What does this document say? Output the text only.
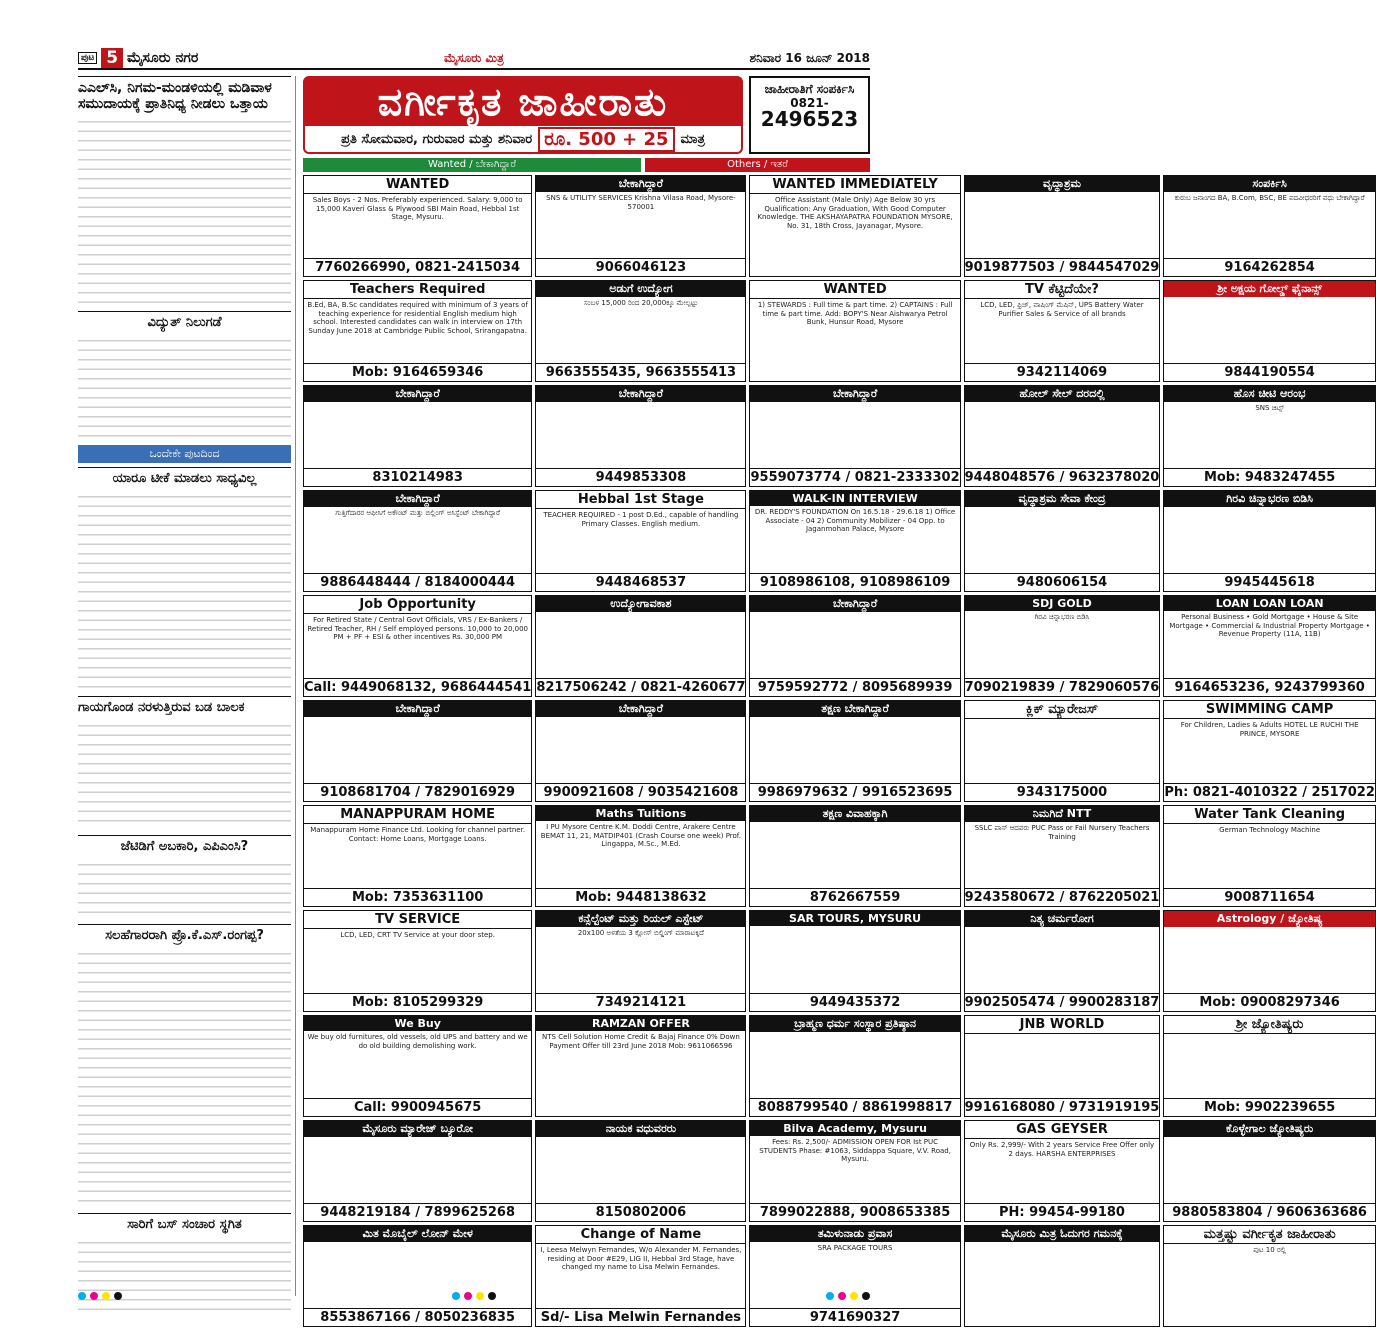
ಪುಟ 5 ಮೈಸೂರು ನಗರ	ಮೈಸೂರು ಮಿತ್ರ	ಶನಿವಾರ 16 ಜೂನ್ 2018
ಎಎಲ್‌ಸಿ, ನಿಗಮ-ಮಂಡಳಿಯಲ್ಲಿ ಮಡಿವಾಳ ಸಮುದಾಯಕ್ಕೆ ಪ್ರಾತಿನಿಧ್ಯ ನೀಡಲು ಒತ್ತಾಯ
ವಿದ್ಯುತ್ ನಿಲುಗಡೆ
ಒಂದೇಕೇ ಪುಟದಿಂದ
ಯಾರೂ ಟೀಕೆ ಮಾಡಲು ಸಾಧ್ಯವಿಲ್ಲ
ಗಾಯಗೊಂಡ ನರಳುತ್ತಿರುವ ಬಡ ಬಾಲಕ
ಜೆಟಿಡಿಗೆ ಅಬಕಾರಿ, ಎಪಿಎಂಸಿ?
ಸಲಹೆಗಾರರಾಗಿ ಪ್ರೊ.ಕೆ.ಎಸ್.ರಂಗಪ್ಪ?
ಸಾರಿಗೆ ಬಸ್ ಸಂಚಾರ ಸ್ಥಗಿತ
ವರ್ಗೀಕೃತ ಜಾಹೀರಾತು
ಪ್ರತಿ ಸೋಮವಾರ, ಗುರುವಾರ ಮತ್ತು ಶನಿವಾರ ರೂ. 500 + 25 ಮಾತ್ರ
ಜಾಹೀರಾತಿಗೆ ಸಂಪರ್ಕಿಸಿ
0821-
2496523
Wanted / ಬೇಕಾಗಿದ್ದಾರೆ	Others / ಇತರೆ
WANTED
Sales Boys - 2 Nos. Preferably experienced. Salary: 9,000 to 15,000 Kaveri Glass & Plywood SBI Main Road, Hebbal 1st Stage, Mysuru.
7760266990, 0821-2415034
ಬೇಕಾಗಿದ್ದಾರೆ
SNS & UTILITY SERVICES Krishna Vilasa Road, Mysore-570001
9066046123
WANTED IMMEDIATELY
Office Assistant (Male Only) Age Below 30 yrs Qualification: Any Graduation, With Good Computer Knowledge. THE AKSHAYAPATRA FOUNDATION MYSORE, No. 31, 18th Cross, Jayanagar, Mysore.
ವೃದ್ಧಾಶ್ರಮ
9019877503 / 9844547029
ಸಂಪರ್ಕಿಸಿ
ಕುರುಬ ಜನಾಂಗದ BA, B.Com, BSC, BE ಪದವೀಧರರಿಗೆ ವಧು ಬೇಕಾಗಿದ್ದಾರೆ
9164262854
Teachers Required
B.Ed, BA, B.Sc candidates required with minimum of 3 years of teaching experience for residential English medium high school. Interested candidates can walk in interview on 17th Sunday June 2018 at Cambridge Public School, Srirangapatna.
Mob: 9164659346
ಅಡುಗೆ ಉದ್ಯೋಗ
ಸಂಬಳ 15,000 ರಿಂದ 20,000ಕ್ಕೂ ಮೇಲ್ಪಟ್ಟು
9663555435, 9663555413
WANTED
1) STEWARDS : Full time & part time. 2) CAPTAINS : Full time & part time. Add: BOPY'S Near Aishwarya Petrol Bunk, Hunsur Road, Mysore
TV ಕೆಟ್ಟಿದೆಯೇ?
LCD, LED, ಫ್ರಿಜ್, ವಾಷಿಂಗ್ ಮೆಷಿನ್, UPS Battery Water Purifier Sales & Service of all brands
9342114069
ಶ್ರೀ ಅಕ್ಷಯ ಗೋಲ್ಡ್ ಫೈನಾನ್ಸ್
9844190554
ಬೇಕಾಗಿದ್ದಾರೆ
8310214983
ಬೇಕಾಗಿದ್ದಾರೆ
9449853308
ಬೇಕಾಗಿದ್ದಾರೆ
9559073774 / 0821-2333302
ಹೋಲ್ ಸೇಲ್ ದರದಲ್ಲಿ
9448048576 / 9632378020
ಹೊಸ ಚೀಟಿ ಆರಂಭ
SNS ಚಿಟ್ಸ್
Mob: 9483247455
ಬೇಕಾಗಿದ್ದಾರೆ
ಗುತ್ತಿಗೆದಾರರ ಆಫೀಸಿಗೆ ಅಕೌಂಟ್ ಮತ್ತು ಬಿಲ್ಲಿಂಗ್ ಅಸಿಸ್ಟೆಂಟ್ ಬೇಕಾಗಿದ್ದಾರೆ
9886448444 / 8184000444
Hebbal 1st Stage
TEACHER REQUIRED - 1 post D.Ed., capable of handling Primary Classes. English medium.
9448468537
WALK-IN INTERVIEW
DR. REDDY'S FOUNDATION On 16.5.18 - 29.6.18 1) Office Associate - 04 2) Community Mobilizer - 04 Opp. to Jaganmohan Palace, Mysore
9108986108, 9108986109
ವೃದ್ಧಾಶ್ರಮ ಸೇವಾ ಕೇಂದ್ರ
9480606154
ಗಿರವಿ ಚಿನ್ನಾಭರಣ ಬಿಡಿಸಿ
9945445618
Job Opportunity
For Retired State / Central Govt Officials, VRS / Ex-Bankers / Retired Teacher, RH / Self employed persons. 10,000 to 20,000 PM + PF + ESI & other incentives Rs. 30,000 PM
Call: 9449068132, 9686444541
ಉದ್ಯೋಗಾವಕಾಶ
8217506242 / 0821-4260677
ಬೇಕಾಗಿದ್ದಾರೆ
9759592772 / 8095689939
SDJ GOLD
ಗಿರವಿ ಚಿನ್ನಾಭರಣ ಬಿಡಿಸಿ
7090219839 / 7829060576
LOAN LOAN LOAN
Personal Business • Gold Mortgage • House & Site Mortgage • Commercial & Industrial Property Mortgage • Revenue Property (11A, 11B)
9164653236, 9243799360
ಬೇಕಾಗಿದ್ದಾರೆ
9108681704 / 7829016929
ಬೇಕಾಗಿದ್ದಾರೆ
9900921608 / 9035421608
ತಕ್ಷಣ ಬೇಕಾಗಿದ್ದಾರೆ
9986979632 / 9916523695
ಕ್ಲಿಕ್ ಮ್ಯಾರೇಜಸ್
9343175000
SWIMMING CAMP
For Children, Ladies & Adults HOTEL LE RUCHI THE PRINCE, MYSORE
Ph: 0821-4010322 / 2517022
MANAPPURAM HOME
Manappuram Home Finance Ltd. Looking for channel partner. Contact: Home Loans, Mortgage Loans.
Mob: 7353631100
Maths Tuitions
I PU Mysore Centre K.M. Doddi Centre, Arakere Centre BEMAT 11, 21, MATDIP401 (Crash Course one week) Prof. Lingappa, M.Sc., M.Ed.
Mob: 9448138632
ತಕ್ಷಣ ವಿವಾಹಕ್ಕಾಗಿ
8762667559
ನಿಮಗಿದೆ NTT
SSLC ಪಾಸ್ ಆದವರು PUC Pass or Fail Nursery Teachers Training
9243580672 / 8762205021
Water Tank Cleaning
German Technology Machine
9008711654
TV SERVICE
LCD, LED, CRT TV Service at your door step.
Mob: 8105299329
ಕನ್ಸೆಲ್ಟೆಂಟ್ ಮತ್ತು ರಿಯಲ್ ಎಸ್ಟೇಟ್
20x100 ಅಳತೆಯ 3 ಕ್ಲೋಸ್ ಬಿಲ್ಡಿಂಗ್ ಮಾರಾಟಕ್ಕಿದೆ
7349214121
SAR TOURS, MYSURU
9449435372
ನಿತ್ಯ ಚರ್ಮರೋಗ
9902505474 / 9900283187
Astrology / ಜ್ಯೋತಿಷ್ಯ
Mob: 09008297346
We Buy
We buy old furnitures, old vessels, old UPS and battery and we do old building demolishing work.
Call: 9900945675
RAMZAN OFFER
NTS Cell Solution Home Credit & Bajaj Finance 0% Down Payment Offer till 23rd June 2018 Mob: 9611066596
ಬ್ರಾಹ್ಮಣ ಧರ್ಮ ಸಂಸ್ಥಾರ ಪ್ರತಿಷ್ಠಾನ
8088799540 / 8861998817
JNB WORLD
9916168080 / 9731919195
ಶ್ರೀ ಜ್ಯೋತಿಷ್ಯರು
Mob: 9902239655
ಮೈಸೂರು ಮ್ಯಾರೇಜ್ ಬ್ಯೂರೋ
9448219184 / 7899625268
ನಾಯಕ ವಧುವರರು
8150802006
Bilva Academy, Mysuru
Fees: Rs. 2,500/- ADMISSION OPEN FOR Ist PUC STUDENTS Phase: #1063, Siddappa Square, V.V. Road, Mysuru.
7899022888, 9008653385
GAS GEYSER
Only Rs. 2,999/- With 2 years Service Free Offer only 2 days. HARSHA ENTERPRISES
PH: 99454-99180
ಕೊಳ್ಳೇಗಾಲ ಜ್ಯೋತಿಷ್ಯರು
9880583804 / 9606363686
ಮಿತ ಮೊಬೈಲ್ ಲೋನ್ ಮೇಳ
8553867166 / 8050236835
Change of Name
I, Leesa Melwyn Fernandes, W/o Alexander M. Fernandes, residing at Door #E29, LIG II, Hebbal 3rd Stage, have changed my name to Lisa Melwin Fernandes.
Sd/- Lisa Melwin Fernandes
ತಮಿಳುನಾಡು ಪ್ರವಾಸ
SRA PACKAGE TOURS
9741690327
ಮೈಸೂರು ಮಿತ್ರ ಓದುಗರ ಗಮನಕ್ಕೆ	ಮತ್ತಷ್ಟು ವರ್ಗೀಕೃತ ಜಾಹೀರಾತು
ಪುಟ 10 ರಲ್ಲಿ
